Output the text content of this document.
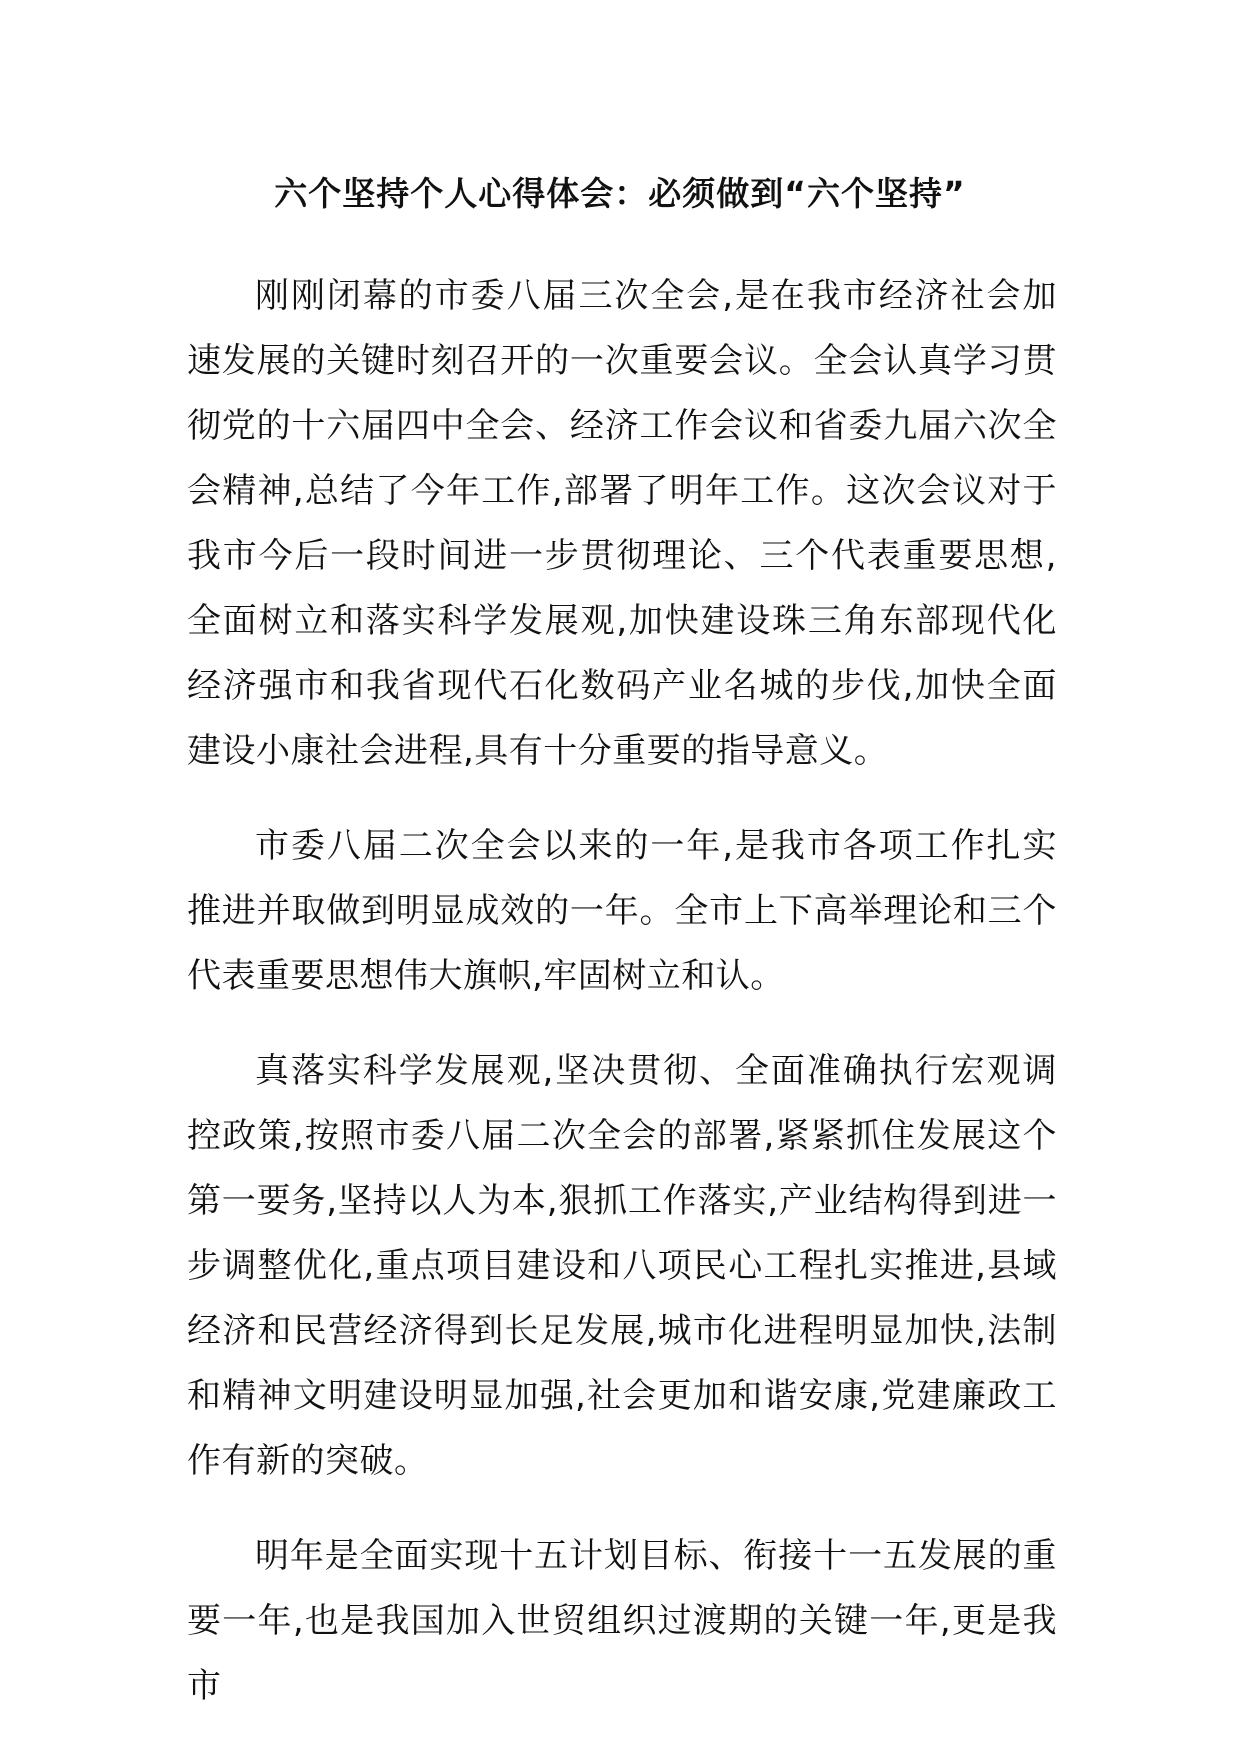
六个坚持个人心得体会：必须做到“六个坚持”

刚刚闭幕的市委八届三次全会,是在我市经济社会加速发展的关键时刻召开的一次重要会议。全会认真学习贯彻党的十六届四中全会、经济工作会议和省委九届六次全会精神,总结了今年工作,部署了明年工作。这次会议对于我市今后一段时间进一步贯彻理论、三个代表重要思想,全面树立和落实科学发展观,加快建设珠三角东部现代化经济强市和我省现代石化数码产业名城的步伐,加快全面建设小康社会进程,具有十分重要的指导意义。

市委八届二次全会以来的一年,是我市各项工作扎实推进并取做到明显成效的一年。全市上下高举理论和三个代表重要思想伟大旗帜,牢固树立和认。

真落实科学发展观,坚决贯彻、全面准确执行宏观调控政策,按照市委八届二次全会的部署,紧紧抓住发展这个第一要务,坚持以人为本,狠抓工作落实,产业结构得到进一步调整优化,重点项目建设和八项民心工程扎实推进,县域经济和民营经济得到长足发展,城市化进程明显加快,法制和精神文明建设明显加强,社会更加和谐安康,党建廉政工作有新的突破。

明年是全面实现十五计划目标、衔接十一五发展的重要一年,也是我国加入世贸组织过渡期的关键一年,更是我市
